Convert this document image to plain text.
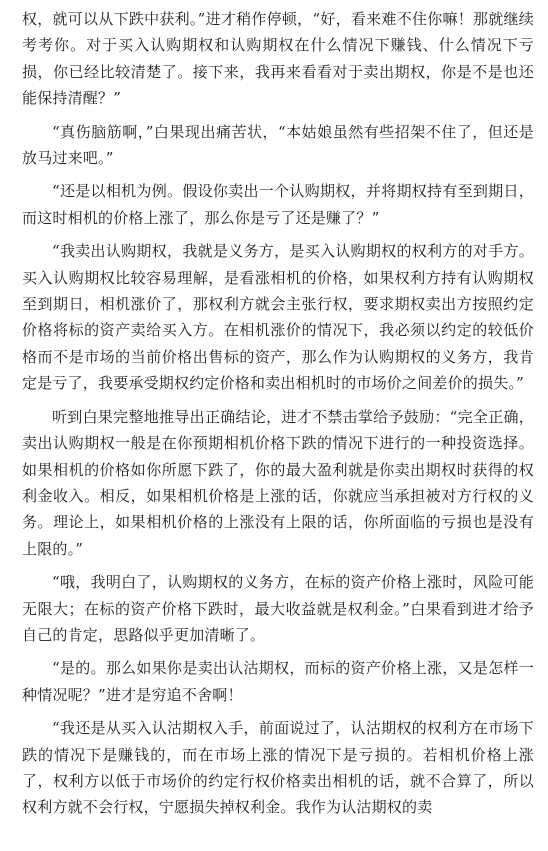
权，就可以从下跌中获利。”进才稍作停顿，“好，看来难不住你嘛！那就继续考考你。对于买入认购期权和认购期权在什么情况下赚钱、什么情况下亏损，你已经比较清楚了。接下来，我再来看看对于卖出期权，你是不是也还能保持清醒？”

“真伤脑筋啊，”白果现出痛苦状，“本姑娘虽然有些招架不住了，但还是放马过来吧。”

“还是以相机为例。假设你卖出一个认购期权，并将期权持有至到期日，而这时相机的价格上涨了，那么你是亏了还是赚了？”

“我卖出认购期权，我就是义务方，是买入认购期权的权利方的对手方。买入认购期权比较容易理解，是看涨相机的价格，如果权利方持有认购期权至到期日，相机涨价了，那权利方就会主张行权，要求期权卖出方按照约定价格将标的资产卖给买入方。在相机涨价的情况下，我必须以约定的较低价格而不是市场的当前价格出售标的资产，那么作为认购期权的义务方，我肯定是亏了，我要承受期权约定价格和卖出相机时的市场价之间差价的损失。”

听到白果完整地推导出正确结论，进才不禁击掌给予鼓励：“完全正确，卖出认购期权一般是在你预期相机价格下跌的情况下进行的一种投资选择。如果相机的价格如你所愿下跌了，你的最大盈利就是你卖出期权时获得的权利金收入。相反，如果相机价格是上涨的话，你就应当承担被对方行权的义务。理论上，如果相机价格的上涨没有上限的话，你所面临的亏损也是没有上限的。”

“哦，我明白了，认购期权的义务方，在标的资产价格上涨时，风险可能无限大；在标的资产价格下跌时，最大收益就是权利金。”白果看到进才给予自己的肯定，思路似乎更加清晰了。

“是的。那么如果你是卖出认沽期权，而标的资产价格上涨，又是怎样一种情况呢？”进才是穷追不舍啊！

“我还是从买入认沽期权入手，前面说过了，认沽期权的权利方在市场下跌的情况下是赚钱的，而在市场上涨的情况下是亏损的。若相机价格上涨了，权利方以低于市场价的约定行权价格卖出相机的话，就不合算了，所以权利方就不会行权，宁愿损失掉权利金。我作为认沽期权的卖
